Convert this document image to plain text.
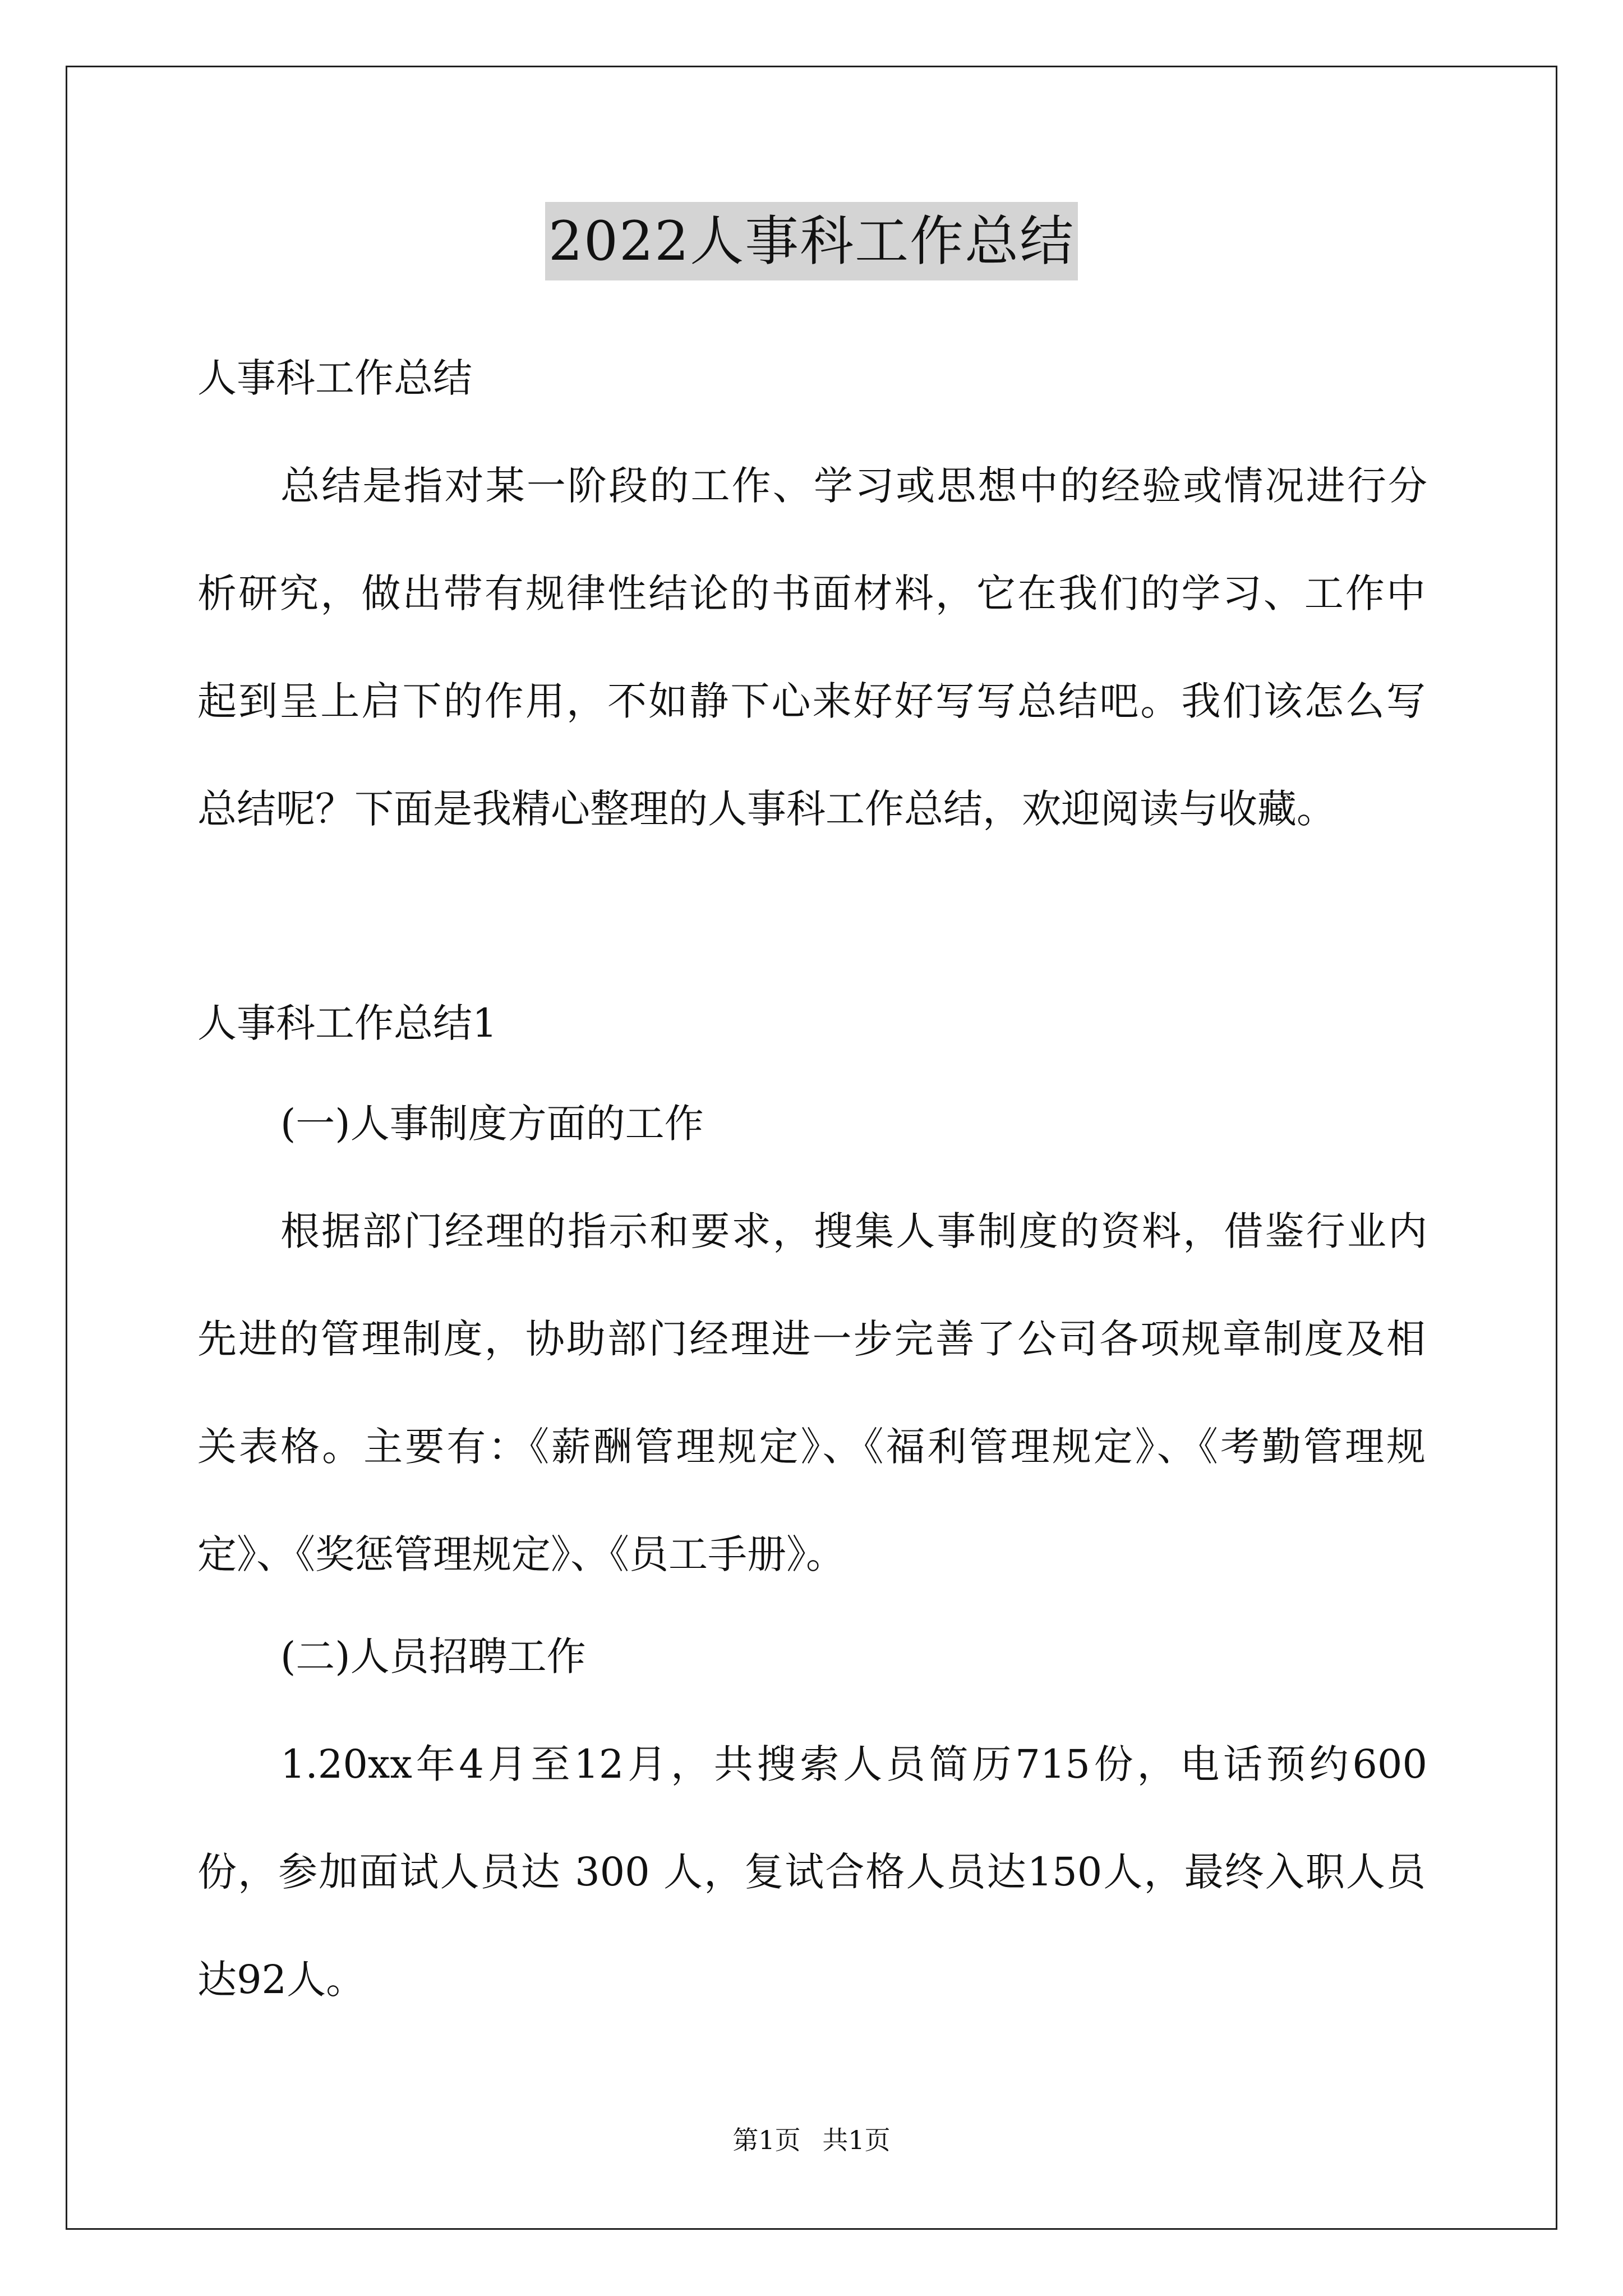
2022人事科工作总结
人事科工作总结
总结是指对某一阶段的工作、学习或思想中的经验或情况进行分
析研究，做出带有规律性结论的书面材料，它在我们的学习、工作中
起到呈上启下的作用，不如静下心来好好写写总结吧。我们该怎么写
总结呢？下面是我精心整理的人事科工作总结，欢迎阅读与收藏。
人事科工作总结1
(一)人事制度方面的工作
根据部门经理的指示和要求，搜集人事制度的资料，借鉴行业内
先进的管理制度，协助部门经理进一步完善了公司各项规章制度及相
关表格。主要有：《薪酬管理规定》、《福利管理规定》、《考勤管理规
定》、《奖惩管理规定》、《员工手册》。
(二)人员招聘工作
1.20xx年4月至12月，共搜索人员简历715份，电话预约600
份，参加面试人员达 300 人，复试合格人员达150人，最终入职人员
达92人。
第1页 共1页
